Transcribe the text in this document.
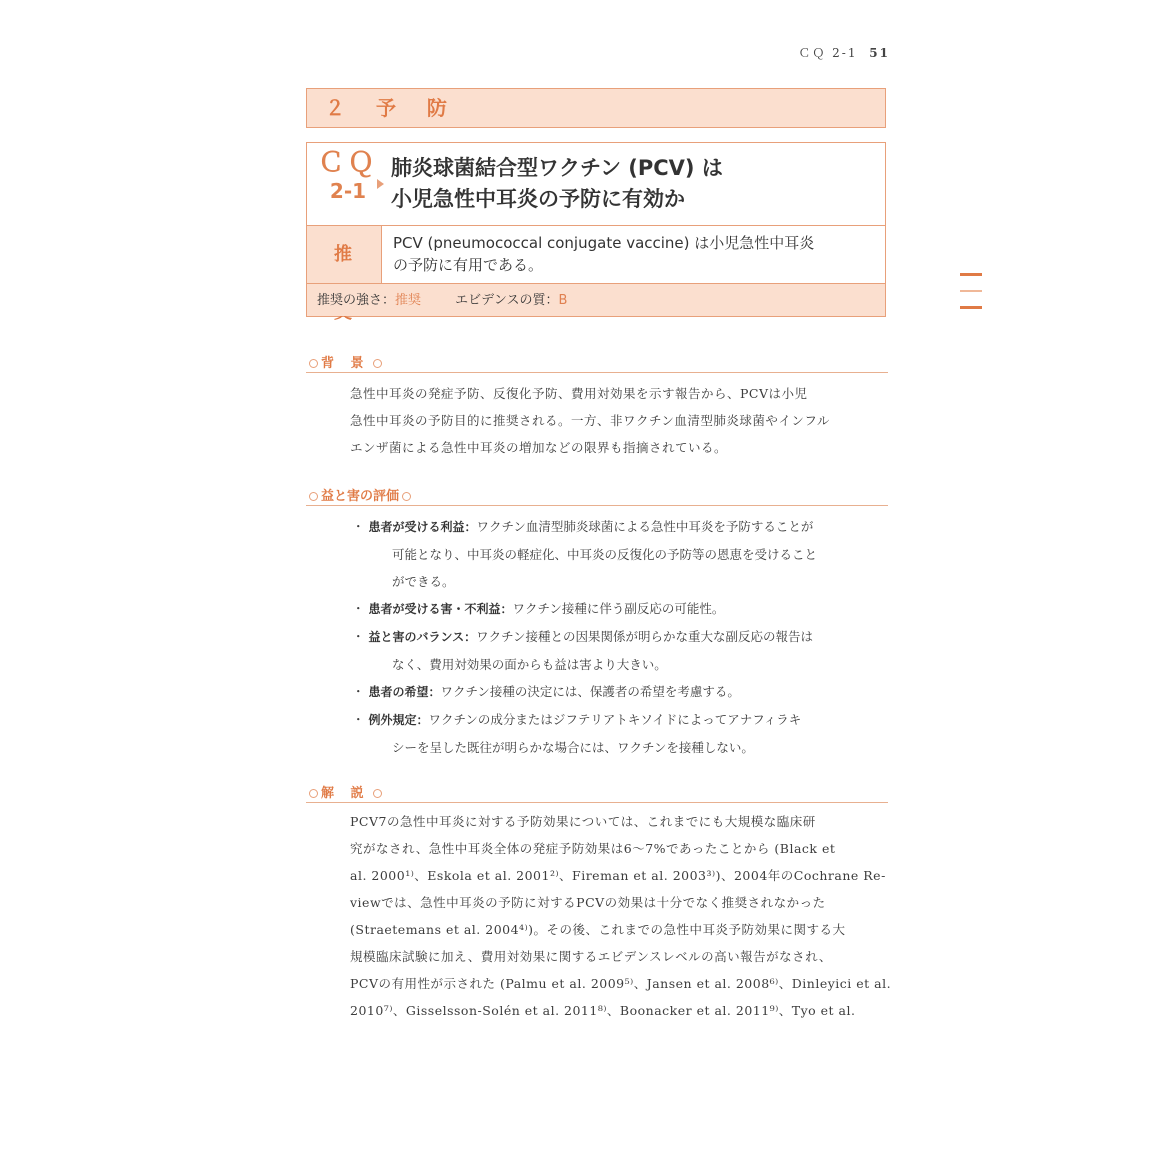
ＣＱ 2-1 51
２ 予 防
ＣＱ
2-1
肺炎球菌結合型ワクチン (PCV) は
小児急性中耳炎の予防に有効か
推
PCV (pneumococcal conjugate vaccine) は小児急性中耳炎
の予防に有用である。
推奨の強さ：推奨	エビデンスの質：B
背 景
急性中耳炎の発症予防、反復化予防、費用対効果を示す報告から、PCVは小児
急性中耳炎の予防目的に推奨される。一方、非ワクチン血清型肺炎球菌やインフル
エンザ菌による急性中耳炎の増加などの限界も指摘されている。
益と害の評価
・ 患者が受ける利益：ワクチン血清型肺炎球菌による急性中耳炎を予防することが
可能となり、中耳炎の軽症化、中耳炎の反復化の予防等の恩恵を受けること
ができる。
・ 患者が受ける害・不利益：ワクチン接種に伴う副反応の可能性。
・ 益と害のバランス：ワクチン接種との因果関係が明らかな重大な副反応の報告は
なく、費用対効果の面からも益は害より大きい。
・ 患者の希望：ワクチン接種の決定には、保護者の希望を考慮する。
・ 例外規定：ワクチンの成分またはジフテリアトキソイドによってアナフィラキ
シーを呈した既往が明らかな場合には、ワクチンを接種しない。
解 説
PCV7の急性中耳炎に対する予防効果については、これまでにも大規模な臨床研
究がなされ、急性中耳炎全体の発症予防効果は6～7%であったことから (Black et
al. 2000¹⁾、Eskola et al. 2001²⁾、Fireman et al. 2003³⁾)、2004年のCochrane Re-
viewでは、急性中耳炎の予防に対するPCVの効果は十分でなく推奨されなかった
(Straetemans et al. 2004⁴⁾)。その後、これまでの急性中耳炎予防効果に関する大
規模臨床試験に加え、費用対効果に関するエビデンスレベルの高い報告がなされ、
PCVの有用性が示された (Palmu et al. 2009⁵⁾、Jansen et al. 2008⁶⁾、Dinleyici et al.
2010⁷⁾、Gisselsson-Solén et al. 2011⁸⁾、Boonacker et al. 2011⁹⁾、Tyo et al.
